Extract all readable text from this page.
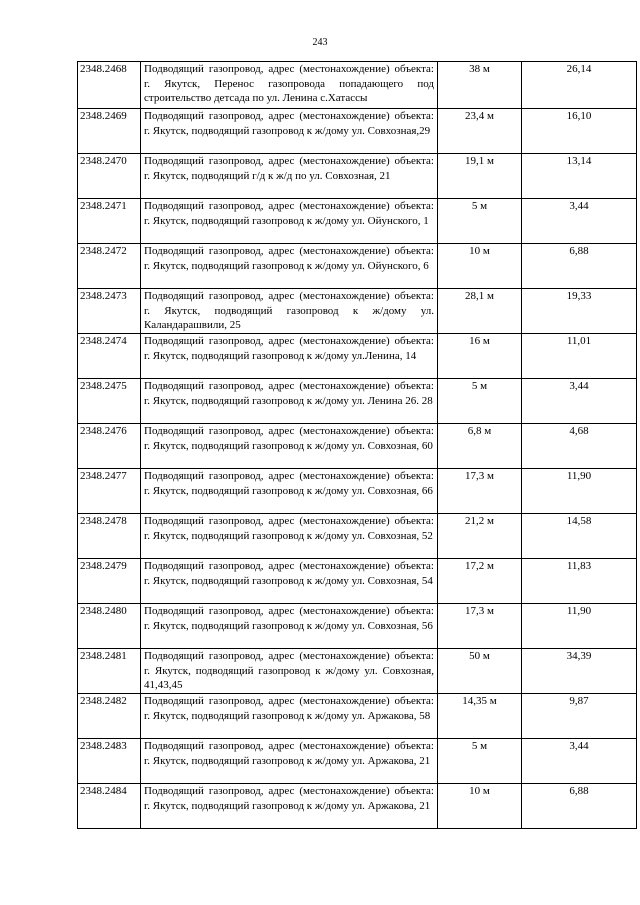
243
2348.2468	Подводящий газопровод, адрес (местонахождение) объекта: г. Якутск, Перенос газопровода попадающего под строительство детсада по ул. Ленина с.Хатассы	38 м	26,14
2348.2469	Подводящий газопровод, адрес (местонахождение) объекта: г. Якутск, подводящий газопровод к ж/дому ул. Совхозная,29	23,4 м	16,10
2348.2470	Подводящий газопровод, адрес (местонахождение) объекта: г. Якутск, подводящий г/д к ж/д по ул. Совхозная, 21	19,1 м	13,14
2348.2471	Подводящий газопровод, адрес (местонахождение) объекта: г. Якутск, подводящий газопровод к ж/дому ул. Ойунского, 1	5 м	3,44
2348.2472	Подводящий газопровод, адрес (местонахождение) объекта: г. Якутск, подводящий газопровод к ж/дому ул. Ойунского, 6	10 м	6,88
2348.2473	Подводящий газопровод, адрес (местонахождение) объекта: г. Якутск, подводящий газопровод к ж/дому ул. Каландарашвили, 25	28,1 м	19,33
2348.2474	Подводящий газопровод, адрес (местонахождение) объекта: г. Якутск, подводящий газопровод к ж/дому ул.Ленина, 14	16 м	11,01
2348.2475	Подводящий газопровод, адрес (местонахождение) объекта: г. Якутск, подводящий газопровод к ж/дому ул. Ленина 26. 28	5 м	3,44
2348.2476	Подводящий газопровод, адрес (местонахождение) объекта: г. Якутск, подводящий газопровод к ж/дому ул. Совхозная, 60	6,8 м	4,68
2348.2477	Подводящий газопровод, адрес (местонахождение) объекта: г. Якутск, подводящий газопровод к ж/дому ул. Совхозная, 66	17,3 м	11,90
2348.2478	Подводящий газопровод, адрес (местонахождение) объекта: г. Якутск, подводящий газопровод к ж/дому ул. Совхозная, 52	21,2 м	14,58
2348.2479	Подводящий газопровод, адрес (местонахождение) объекта: г. Якутск, подводящий газопровод к ж/дому ул. Совхозная, 54	17,2 м	11,83
2348.2480	Подводящий газопровод, адрес (местонахождение) объекта: г. Якутск, подводящий газопровод к ж/дому ул. Совхозная, 56	17,3 м	11,90
2348.2481	Подводящий газопровод, адрес (местонахождение) объекта: г. Якутск, подводящий газопровод к ж/дому ул. Совхозная, 41,43,45	50 м	34,39
2348.2482	Подводящий газопровод, адрес (местонахождение) объекта: г. Якутск, подводящий газопровод к ж/дому ул. Аржакова, 58	14,35 м	9,87
2348.2483	Подводящий газопровод, адрес (местонахождение) объекта: г. Якутск, подводящий газопровод к ж/дому ул. Аржакова, 21	5 м	3,44
2348.2484	Подводящий газопровод, адрес (местонахождение) объекта: г. Якутск, подводящий газопровод к ж/дому ул. Аржакова, 21	10 м	6,88
